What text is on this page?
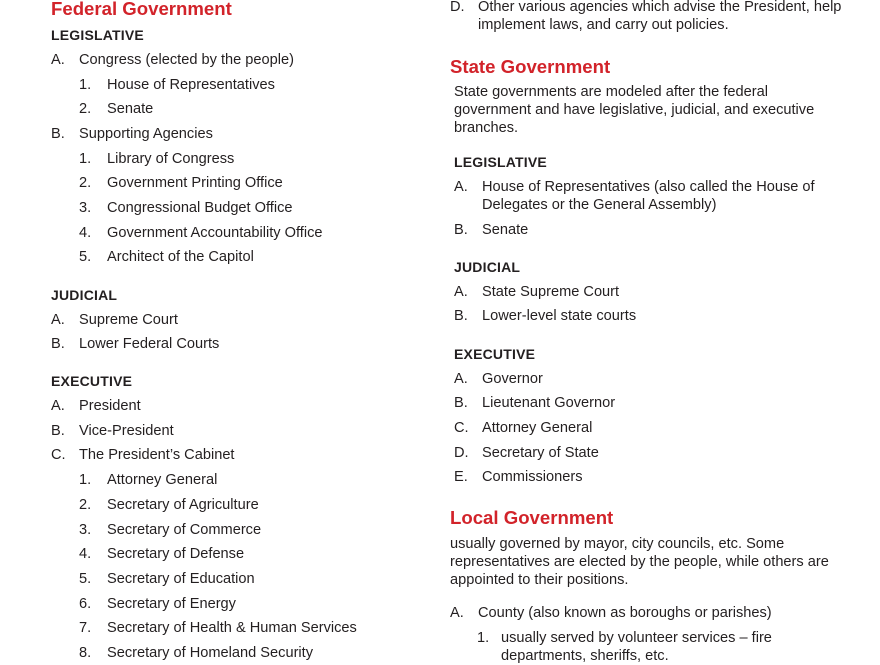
Federal Government
LEGISLATIVE
A. Congress (elected by the people)
1. House of Representatives
2. Senate
B. Supporting Agencies
1. Library of Congress
2. Government Printing Office
3. Congressional Budget Office
4. Government Accountability Office
5. Architect of the Capitol
JUDICIAL
A. Supreme Court
B. Lower Federal Courts
EXECUTIVE
A. President
B. Vice-President
C. The President’s Cabinet
1. Attorney General
2. Secretary of Agriculture
3. Secretary of Commerce
4. Secretary of Defense
5. Secretary of Education
6. Secretary of Energy
7. Secretary of Health & Human Services
8. Secretary of Homeland Security
D. Other various agencies which advise the President, help implement laws, and carry out policies.
State Government
State governments are modeled after the federal government and have legislative, judicial, and executive branches.
LEGISLATIVE
A. House of Representatives (also called the House of Delegates or the General Assembly)
B. Senate
JUDICIAL
A. State Supreme Court
B. Lower-level state courts
EXECUTIVE
A. Governor
B. Lieutenant Governor
C. Attorney General
D. Secretary of State
E. Commissioners
Local Government
usually governed by mayor, city councils, etc. Some representatives are elected by the people, while others are appointed to their positions.
A. County (also known as boroughs or parishes)
1. usually served by volunteer services – fire departments, sheriffs, etc.
